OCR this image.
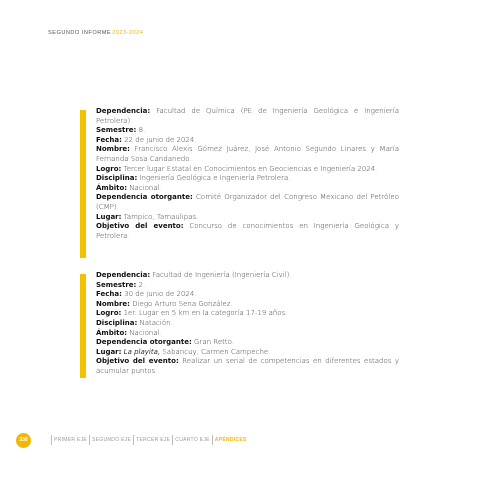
SEGUNDO INFORME2023-2024

Dependencia: Facultad de Química (PE de Ingeniería Geológica e Ingeniería Petrolera).

Semestre: 8.

Fecha: 22 de junio de 2024.

Nombre: Francisco Alexis Gómez Juárez, José Antonio Segundo Linares y María Fernanda Sosa Candanedo.

Logro: Tercer lugar Estatal en Conocimientos en Geociencias e Ingeniería 2024.

Disciplina: Ingeniería Geológica e Ingeniería Petrolera.

Ámbito: Nacional.

Dependencia otorgante: Comité Organizador del Congreso Mexicano del Petróleo (CMP).

Lugar: Tampico, Tamaulipas.

Objetivo del evento: Concurso de conocimientos en Ingeniería Geológica y Petrolera.

Dependencia: Facultad de Ingeniería (Ingeniería Civil).

Semestre: 2.

Fecha: 30 de junio de 2024.

Nombre: Diego Arturo Sena González.

Logro: 1er. Lugar en 5 km en la categoría 17-19 años.

Disciplina: Natación.

Ámbito: Nacional.

Dependencia otorgante: Gran Retto.

Lugar: La playita, Sabancuy, Carmen Campeche.

Objetivo del evento: Realizar un serial de competencias en diferentes estados y acumular puntos.

338	PRIMER EJE SEGUNDO EJE TERCER EJE CUARTO EJE APÉNDICES
